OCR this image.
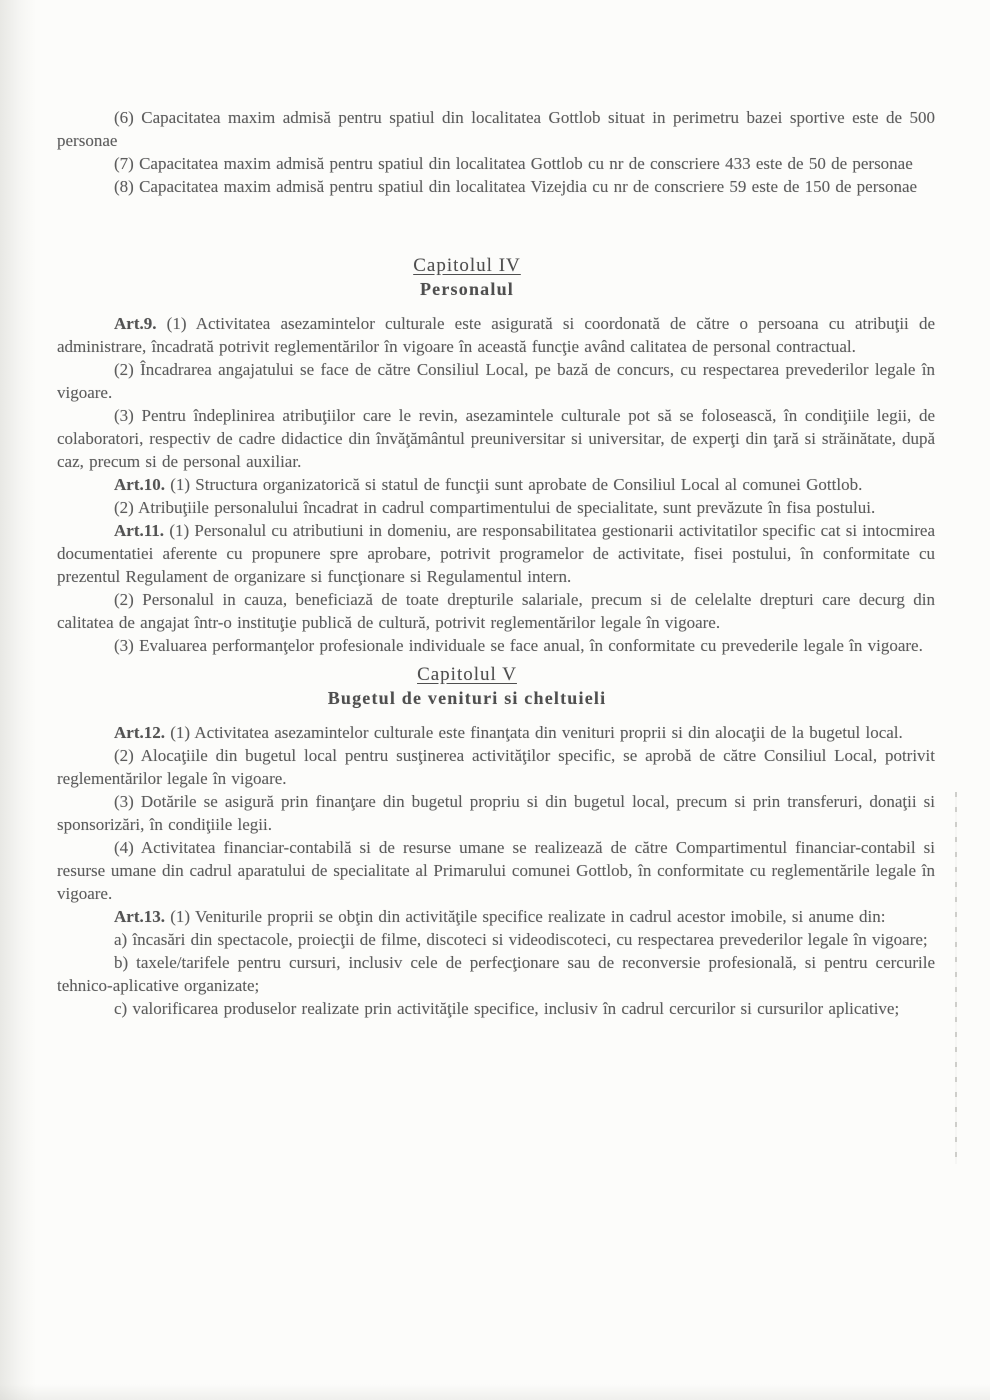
(6) Capacitatea maxim admisă pentru spatiul din localitatea Gottlob situat in perimetru bazei sportive este de 500 personae

(7) Capacitatea maxim admisă pentru spatiul din localitatea Gottlob cu nr de conscriere 433 este de 50 de personae

(8) Capacitatea maxim admisă pentru spatiul din localitatea Vizejdia cu nr de conscriere 59 este de 150 de personae

Capitolul IV
Personalul

Art.9. (1) Activitatea asezamintelor culturale este asigurată si coordonată de către o persoana cu atribuţii de administrare, încadrată potrivit reglementărilor în vigoare în această funcţie având calitatea de personal contractual.

(2) Încadrarea angajatului se face de către Consiliul Local, pe bază de concurs, cu respectarea prevederilor legale în vigoare.

(3) Pentru îndeplinirea atribuţiilor care le revin, asezamintele culturale pot să se folosească, în condiţiile legii, de colaboratori, respectiv de cadre didactice din învăţământul preuniversitar si universitar, de experţi din ţară si străinătate, după caz, precum si de personal auxiliar.

Art.10. (1) Structura organizatorică si statul de funcţii sunt aprobate de Consiliul Local al comunei Gottlob.

(2) Atribuţiile personalului încadrat in cadrul compartimentului de specialitate, sunt prevăzute în fisa postului.

Art.11. (1) Personalul cu atributiuni in domeniu, are responsabilitatea gestionarii activitatilor specific cat si intocmirea documentatiei aferente cu propunere spre aprobare, potrivit programelor de activitate, fisei postului, în conformitate cu prezentul Regulament de organizare si funcţionare si Regulamentul intern.

(2) Personalul in cauza, beneficiază de toate drepturile salariale, precum si de celelalte drepturi care decurg din calitatea de angajat într-o instituţie publică de cultură, potrivit reglementărilor legale în vigoare.

(3) Evaluarea performanţelor profesionale individuale se face anual, în conformitate cu prevederile legale în vigoare.

Capitolul V
Bugetul de venituri si cheltuieli

Art.12. (1) Activitatea asezamintelor culturale este finanţata din venituri proprii si din alocaţii de la bugetul local.

(2) Alocaţiile din bugetul local pentru susţinerea activităţilor specific, se aprobă de către Consiliul Local, potrivit reglementărilor legale în vigoare.

(3) Dotările se asigură prin finanţare din bugetul propriu si din bugetul local, precum si prin transferuri, donaţii si sponsorizări, în condiţiile legii.

(4) Activitatea financiar-contabilă si de resurse umane se realizează de către Compartimentul financiar-contabil si resurse umane din cadrul aparatului de specialitate al Primarului comunei Gottlob, în conformitate cu reglementările legale în vigoare.

Art.13. (1) Veniturile proprii se obţin din activităţile specifice realizate in cadrul acestor imobile, si anume din:

a) încasări din spectacole, proiecţii de filme, discoteci si videodiscoteci, cu respectarea prevederilor legale în vigoare;

b) taxele/tarifele pentru cursuri, inclusiv cele de perfecţionare sau de reconversie profesională, si pentru cercurile tehnico-aplicative organizate;

c) valorificarea produselor realizate prin activităţile specifice, inclusiv în cadrul cercurilor si cursurilor aplicative;
